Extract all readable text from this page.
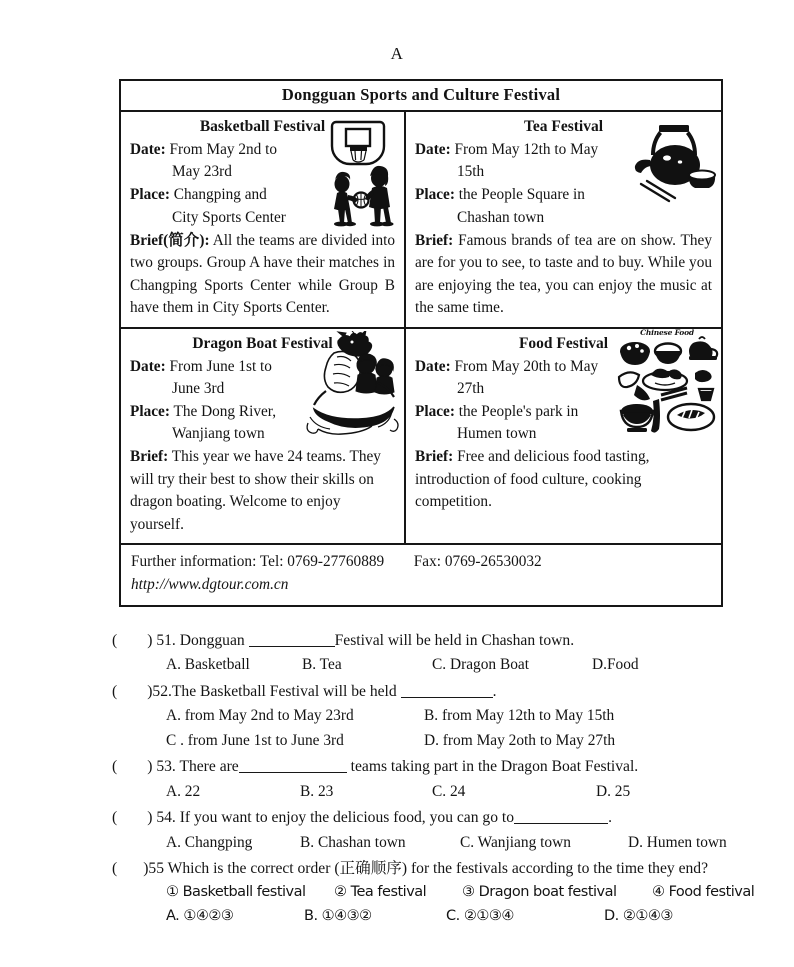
A
Dongguan Sports and Culture Festival
Basketball Festival
Date: From May 2nd to
May 23rd
Place: Changping and
City Sports Center
Brief(简介): All the teams are divided into two groups. Group A have their matches in Changping Sports Center while Group B have them in City Sports Center.
Tea Festival
Date: From May 12th to May
15th
Place: the People Square in
Chashan town
Brief: Famous brands of tea are on show. They are for you to see, to taste and to buy. While you are enjoying the tea, you can enjoy the music at the same time.
Dragon Boat Festival
Date: From June 1st to
June 3rd
Place: The Dong River,
Wanjiang town
Brief: This year we have 24 teams. They will try their best to show their skills on dragon boating. Welcome to enjoy yourself.
Chinese Food
Food Festival
Date: From May 20th to May
27th
Place: the People's park in
Humen town
Brief: Free and delicious food tasting, introduction of food culture, cooking competition.
Further information: Tel: 0769-27760889 Fax: 0769-26530032
http://www.dgtour.com.cn
( ) 51. Dongguan	Festival will be held in Chashan town.
A. Basketball	B. Tea	C. Dragon Boat	D.Food
( )52.The Basketball Festival will be held	.
A. from May 2nd to May 23rd	B. from May 12th to May 15th
C . from June 1st to June 3rd	D. from May 2oth to May 27th
( ) 53. There are	teams taking part in the Dragon Boat Festival.
A. 22	B. 23	C. 24	D. 25
( ) 54. If you want to enjoy the delicious food, you can go to	.
A. Changping	B. Chashan town	C. Wanjiang town	D. Humen town
( )55 Which is the correct order (正确顺序) for the festivals according to the time they end?
① Basketball festival	② Tea festival	③ Dragon boat festival	④ Food festival
A. ①④②③	B. ①④③②	C. ②①③④	D. ②①④③
